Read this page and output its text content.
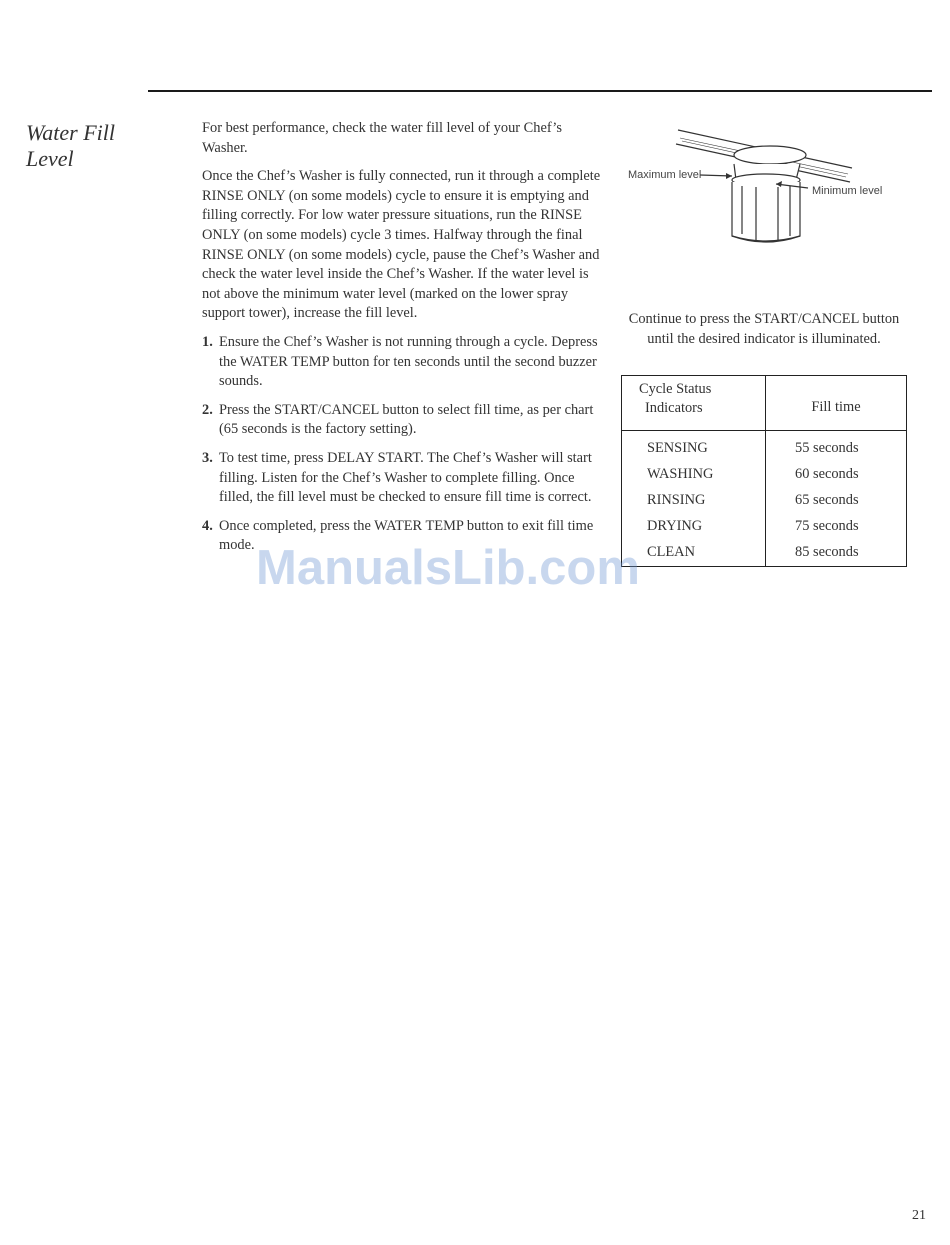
Water Fill
Level

For best performance, check the water fill level of your Chef’s Washer.

Once the Chef’s Washer is fully connected, run it through a complete RINSE ONLY (on some models) cycle to ensure it is emptying and filling correctly. For low water pressure situations, run the RINSE ONLY (on some models) cycle 3 times. Halfway through the final RINSE ONLY (on some models) cycle, pause the Chef’s Washer and check the water level inside the Chef’s Washer. If the water level is not above the minimum water level (marked on the lower spray support tower), increase the fill level.

1. Ensure the Chef’s Washer is not running through a cycle. Depress the WATER TEMP button for ten seconds until the second buzzer sounds.
2. Press the START/CANCEL button to select fill time, as per chart (65 seconds is the factory setting).
3. To test time, press DELAY START. The Chef’s Washer will start filling. Listen for the Chef’s Washer to complete filling. Once filled, the fill level must be checked to ensure fill time is correct.
4. Once completed, press the WATER TEMP button to exit fill time mode.
Maximum level
Minimum level
Continue to press the START/CANCEL button until the desired indicator is illuminated.
Cycle Status
Indicators	Fill time

SENSING	55 seconds
WASHING	60 seconds
RINSING	65 seconds
DRYING	75 seconds
CLEAN	85 seconds
ManualsLib.com
21
